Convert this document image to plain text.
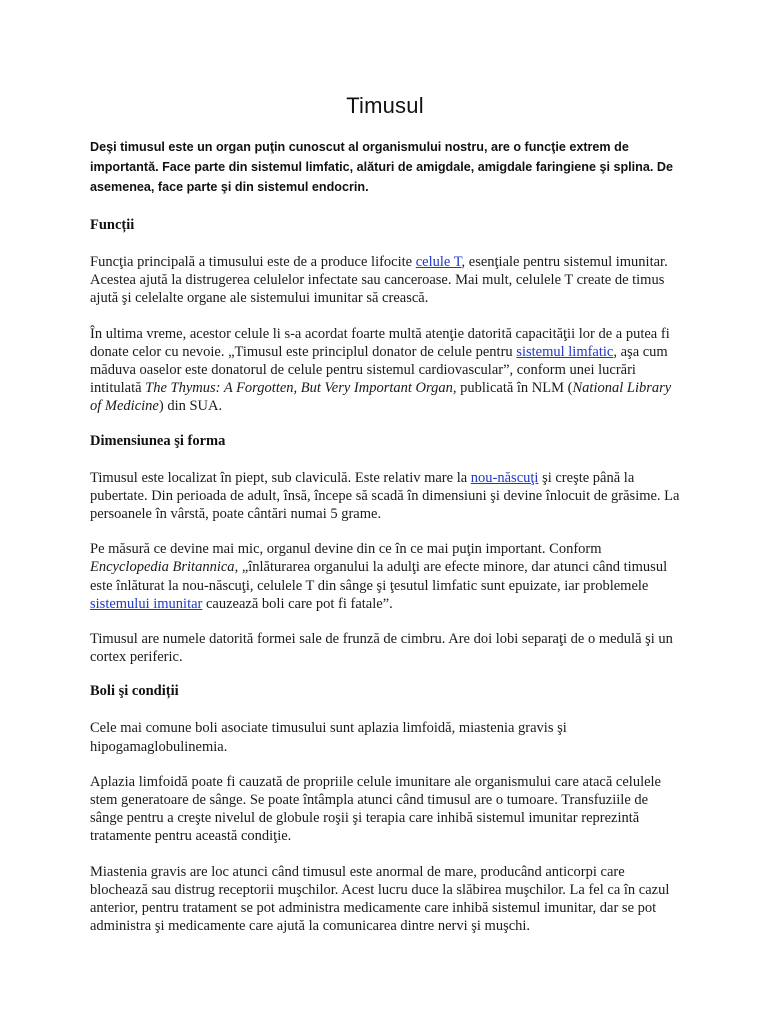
Timusul

Deşi timusul este un organ puţin cunoscut al organismului nostru, are o funcţie extrem de importantă. Face parte din sistemul limfatic, alături de amigdale, amigdale faringiene şi splina. De asemenea, face parte şi din sistemul endocrin.

Funcții

Funcţia principală a timusului este de a produce lifocite celule T, esenţiale pentru sistemul imunitar. Acestea ajută la distrugerea celulelor infectate sau canceroase. Mai mult, celulele T create de timus ajută şi celelalte organe ale sistemului imunitar să crească.

În ultima vreme, acestor celule li s-a acordat foarte multă atenţie datorită capacităţii lor de a putea fi donate celor cu nevoie. „Timusul este principlul donator de celule pentru sistemul limfatic, aşa cum măduva oaselor este donatorul de celule pentru sistemul cardiovascular”, conform unei lucrări intitulată The Thymus: A Forgotten, But Very Important Organ, publicată în NLM (National Library of Medicine) din SUA.

Dimensiunea şi forma

Timusul este localizat în piept, sub claviculă. Este relativ mare la nou-născuţi şi creşte până la pubertate. Din perioada de adult, însă, începe să scadă în dimensiuni şi devine înlocuit de grăsime. La persoanele în vârstă, poate cântări numai 5 grame.

Pe măsură ce devine mai mic, organul devine din ce în ce mai puţin important. Conform Encyclopedia Britannica, „înlăturarea organului la adulţi are efecte minore, dar atunci când timusul este înlăturat la nou-născuţi, celulele T din sânge şi ţesutul limfatic sunt epuizate, iar problemele sistemului imunitar cauzează boli care pot fi fatale”.

Timusul are numele datorită formei sale de frunză de cimbru. Are doi lobi separaţi de o medulă şi un cortex periferic.

Boli şi condiții

Cele mai comune boli asociate timusului sunt aplazia limfoidă, miastenia gravis şi hipogamaglobulinemia.

Aplazia limfoidă poate fi cauzată de propriile celule imunitare ale organismului care atacă celulele stem generatoare de sânge. Se poate întâmpla atunci când timusul are o tumoare. Transfuziile de sânge pentru a creşte nivelul de globule roşii şi terapia care inhibă sistemul imunitar reprezintă tratamente pentru această condiţie.

Miastenia gravis are loc atunci când timusul este anormal de mare, producând anticorpi care blochează sau distrug receptorii muşchilor. Acest lucru duce la slăbirea muşchilor. La fel ca în cazul anterior, pentru tratament se pot administra medicamente care inhibă sistemul imunitar, dar se pot administra şi medicamente care ajută la comunicarea dintre nervi şi muşchi.
